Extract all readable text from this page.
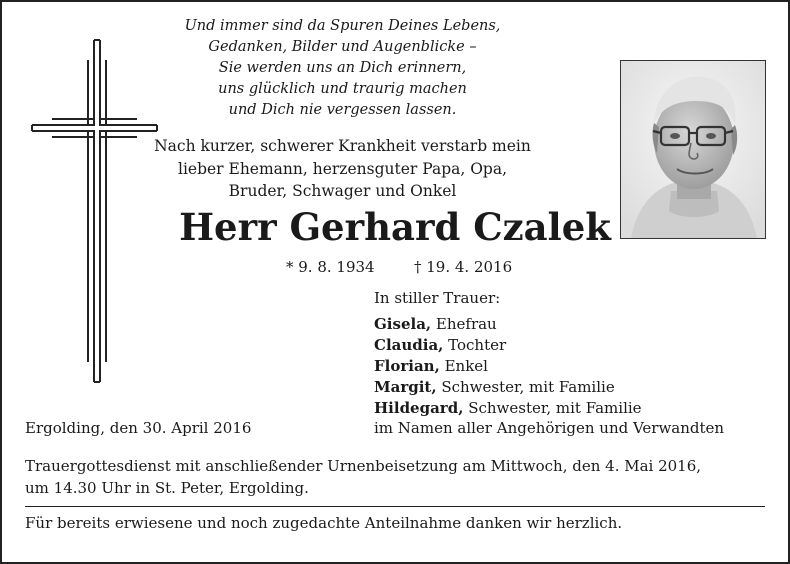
Und immer sind da Spuren Deines Lebens,
Gedanken, Bilder und Augenblicke –
Sie werden uns an Dich erinnern,
uns glücklich und traurig machen
und Dich nie vergessen lassen.
Nach kurzer, schwerer Krankheit verstarb mein
lieber Ehemann, herzensguter Papa, Opa,
Bruder, Schwager und Onkel
Herr Gerhard Czalek
* 9. 8. 1934	† 19. 4. 2016
In stiller Trauer:
Gisela, Ehefrau
Claudia, Tochter
Florian, Enkel
Margit, Schwester, mit Familie
Hildegard, Schwester, mit Familie
Ergolding, den 30. April 2016	im Namen aller Angehörigen und Verwandten
Trauergottesdienst mit anschließender Urnenbeisetzung am Mittwoch, den 4. Mai 2016,
um 14.30 Uhr in St. Peter, Ergolding.
Für bereits erwiesene und noch zugedachte Anteilnahme danken wir herzlich.
